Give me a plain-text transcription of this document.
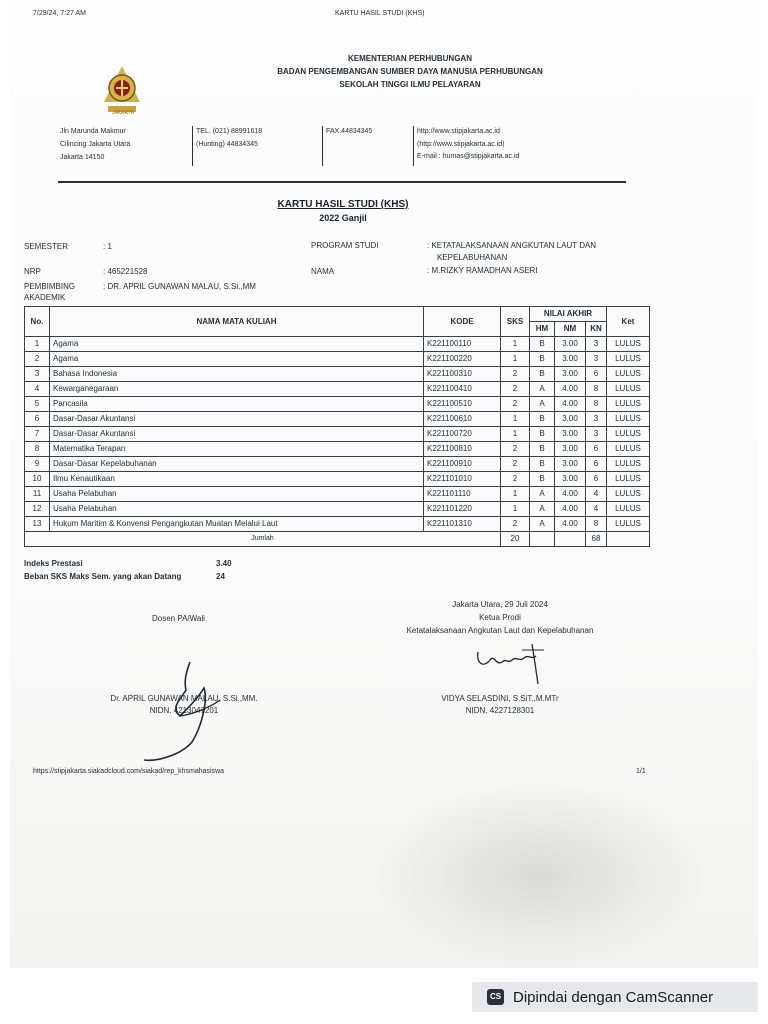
7/29/24, 7:27 AM	KARTU HASIL STUDI (KHS)
JAKARTA
KEMENTERIAN PERHUBUNGAN
BADAN PENGEMBANGAN SUMBER DAYA MANUSIA PERHUBUNGAN
SEKOLAH TINGGI ILMU PELAYARAN
Jln Marunda Makmur
Cilincing Jakarta Utara
Jakarta 14150
TEL. (021) 88991618
(Hunting) 44834345
FAX.44834345	http://www.stipjakarta.ac.id
(http://www.stipjakarta.ac.id)
E-mail : humas@stipjakarta.ac.id
KARTU HASIL STUDI (KHS)
2022 Ganjil
SEMESTER	: 1
NRP	: 465221528
PEMBIMBING
AKADEMIK
: DR. APRIL GUNAWAN MALAU, S.Si.,MM
PROGRAM STUDI	: KETATALAKSANAAN ANGKUTAN LAUT DAN
KEPELABUHANAN
NAMA	: M.RIZKY RAMADHAN ASERI
No.	NAMA MATA KULIAH	KODE	SKS	NILAI AKHIR			Ket
				HM	NM	KN	
1	Agama	K221100110	1	B	3.00	3	LULUS
2	Agama	K221100220	1	B	3.00	3	LULUS
3	Bahasa Indonesia	K221100310	2	B	3.00	6	LULUS
4	Kewarganegaraan	K221100410	2	A	4.00	8	LULUS
5	Pancasila	K221100510	2	A	4.00	8	LULUS
6	Dasar-Dasar Akuntansi	K221100610	1	B	3.00	3	LULUS
7	Dasar-Dasar Akuntansi	K221100720	1	B	3.00	3	LULUS
8	Matematika Terapan	K221100810	2	B	3.00	6	LULUS
9	Dasar-Dasar Kepelabuhanan	K221100910	2	B	3.00	6	LULUS
10	Ilmu Kenautikaan	K221101010	2	B	3.00	6	LULUS
11	Usaha Pelabuhan	K221101110	1	A	4.00	4	LULUS
12	Usaha Pelabuhan	K221101220	1	A	4.00	4	LULUS
13	Hukum Maritim & Konvensi Pengangkutan Muatan Melalui Laut	K221101310	2	A	4.00	8	LULUS
Jumlah			20			68	
Indeks Prestasi	3.40
Beban SKS Maks Sem. yang akan Datang	24
Dosen PA/Wali
Dr. APRIL GUNAWAN MALAU, S.Si.,MM.
NIDN. 4213047201
Jakarta Utara, 29 Juli 2024
Ketua Prodi
Ketatalaksanaan Angkutan Laut dan Kepelabuhanan
VIDYA SELASDINI, S.SiT.,M.MTr
NIDN. 4227128301
https://stipjakarta.siakadcloud.com/siakad/rep_khsmahasiswa	1/1
CS Dipindai dengan CamScanner
